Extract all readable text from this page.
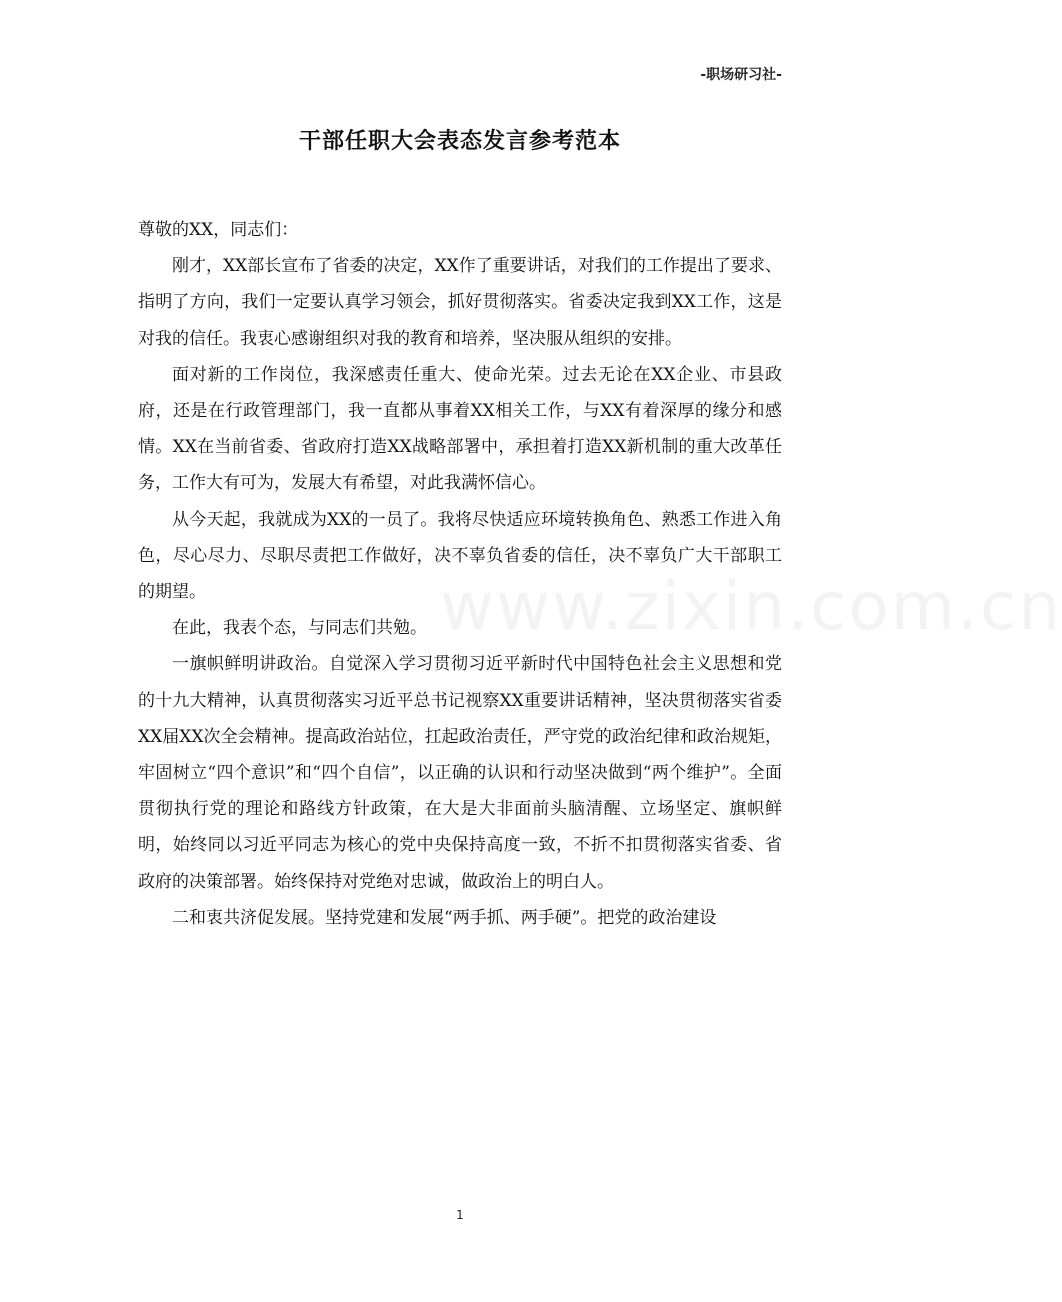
-职场研习社-
干部任职大会表态发言参考范本

尊敬的XX，同志们：

刚才，XX部长宣布了省委的决定，XX作了重要讲话，对我们的工作提出了要求、指明了方向，我们一定要认真学习领会，抓好贯彻落实。省委决定我到XX工作，这是对我的信任。我衷心感谢组织对我的教育和培养，坚决服从组织的安排。

面对新的工作岗位，我深感责任重大、使命光荣。过去无论在XX企业、市县政府，还是在行政管理部门，我一直都从事着XX相关工作，与XX有着深厚的缘分和感情。XX在当前省委、省政府打造XX战略部署中，承担着打造XX新机制的重大改革任务，工作大有可为，发展大有希望，对此我满怀信心。

从今天起，我就成为XX的一员了。我将尽快适应环境转换角色、熟悉工作进入角色，尽心尽力、尽职尽责把工作做好，决不辜负省委的信任，决不辜负广大干部职工的期望。

在此，我表个态，与同志们共勉。

一旗帜鲜明讲政治。自觉深入学习贯彻习近平新时代中国特色社会主义思想和党的十九大精神，认真贯彻落实习近平总书记视察XX重要讲话精神，坚决贯彻落实省委XX届XX次全会精神。提高政治站位，扛起政治责任，严守党的政治纪律和政治规矩，牢固树立“四个意识”和“四个自信”，以正确的认识和行动坚决做到“两个维护”。全面贯彻执行党的理论和路线方针政策，在大是大非面前头脑清醒、立场坚定、旗帜鲜明，始终同以习近平同志为核心的党中央保持高度一致，不折不扣贯彻落实省委、省政府的决策部署。始终保持对党绝对忠诚，做政治上的明白人。

二和衷共济促发展。坚持党建和发展“两手抓、两手硬”。把党的政治建设

www.zixin.com.cn
1
